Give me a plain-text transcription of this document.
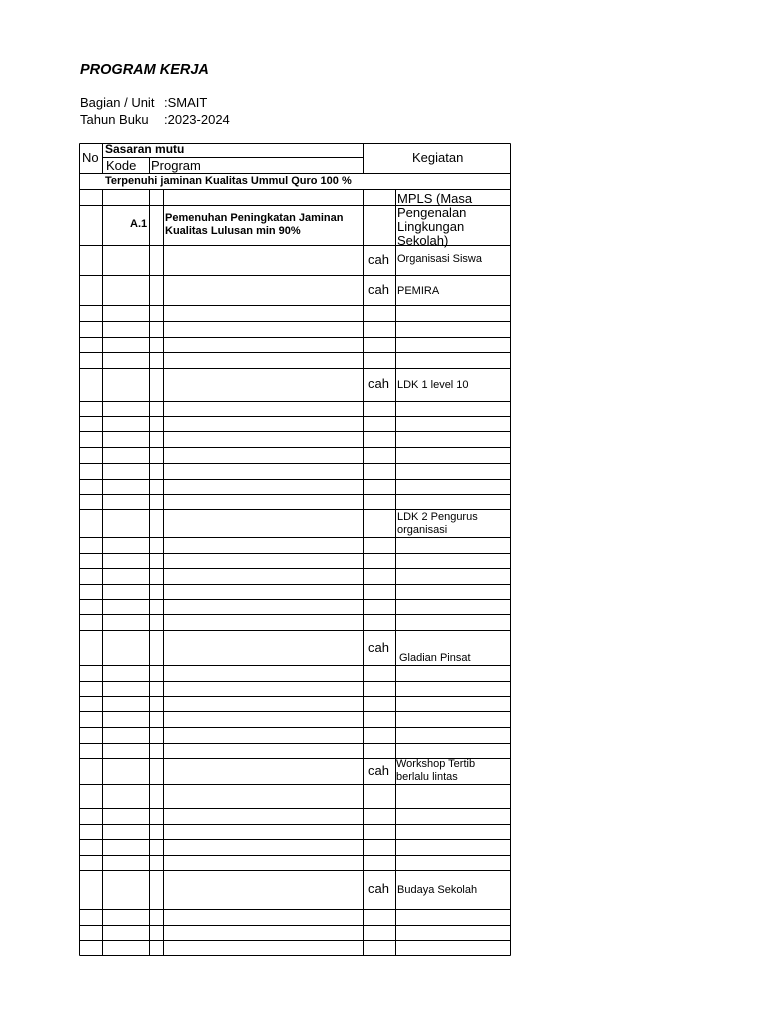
PROGRAM KERJA
Bagian / Unit :SMAIT
Tahun Buku :2023-2024
No
Sasaran mutu
Kode Program
Kegiatan
Terpenuhi jaminan Kualitas Ummul Quro 100 %
A.1 Pemenuhan Peningkatan Jaminan Kualitas Lulusan min 90%
MPLS (Masa Pengenalan Lingkungan Sekolah)
cah Organisasi Siswa
cah PEMIRA
cah LDK 1 level 10
LDK 2 Pengurus organisasi
cah
Gladian Pinsat
cah Workshop Tertib berlalu lintas
cah Budaya Sekolah
